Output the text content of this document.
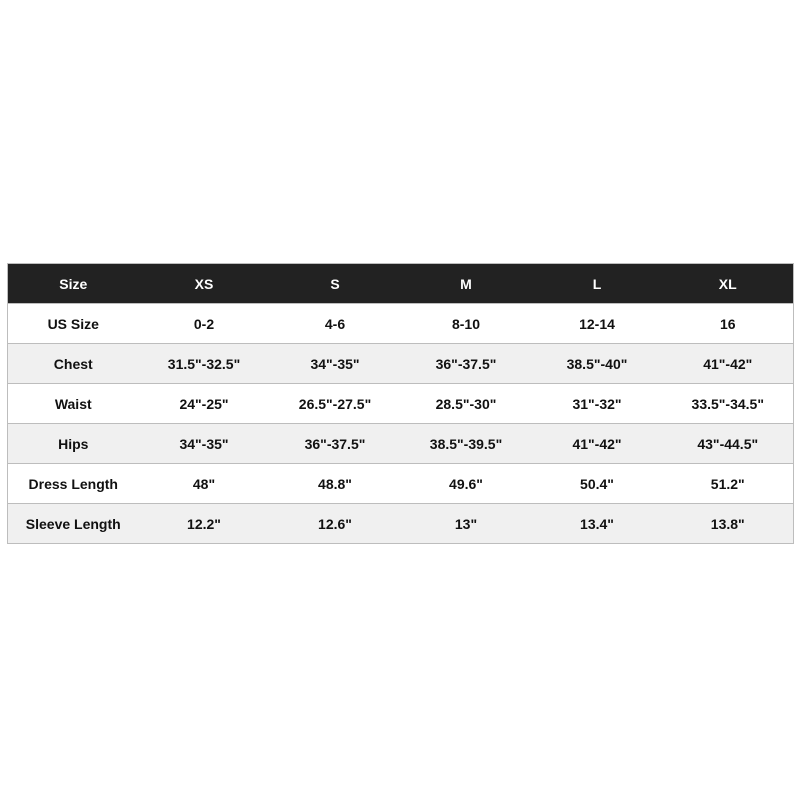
Size	XS	S	M	L	XL
US Size	0-2	4-6	8-10	12-14	16
Chest	31.5"-32.5"	34"-35"	36"-37.5"	38.5"-40"	41"-42"
Waist	24"-25"	26.5"-27.5"	28.5"-30"	31"-32"	33.5"-34.5"
Hips	34"-35"	36"-37.5"	38.5"-39.5"	41"-42"	43"-44.5"
Dress Length	48"	48.8"	49.6"	50.4"	51.2"
Sleeve Length	12.2"	12.6"	13"	13.4"	13.8"
